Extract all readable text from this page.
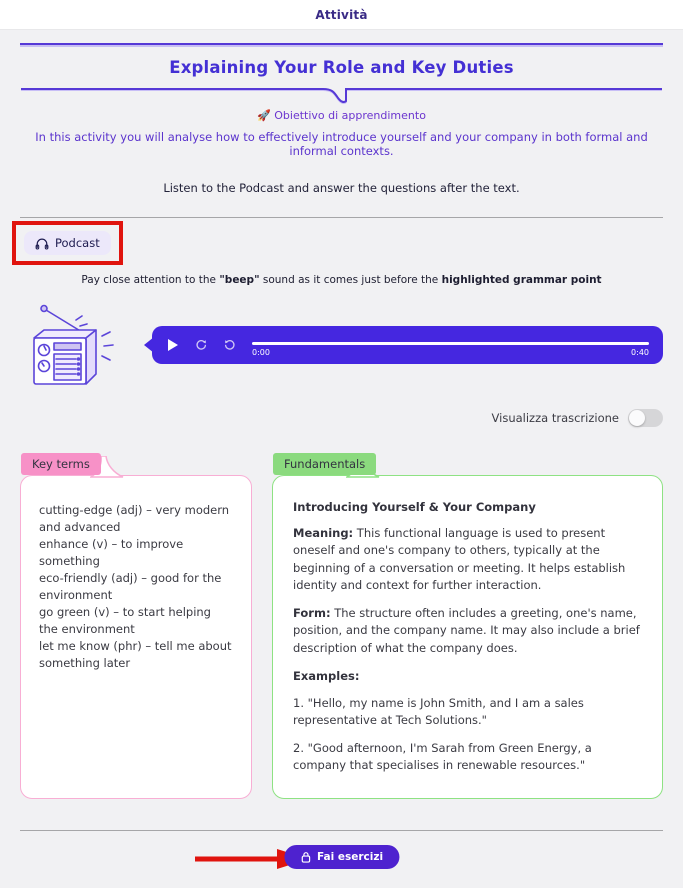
Attività
Explaining Your Role and Key Duties
🚀 Obiettivo di apprendimento
In this activity you will analyse how to effectively introduce yourself and your company in both formal and informal contexts.
Listen to the Podcast and answer the questions after the text.
Podcast
Pay close attention to the "beep" sound as it comes just before the highlighted grammar point
0:00	0:40
Visualizza trascrizione
Key terms
cutting-edge (adj) – very modern and advanced
enhance (v) – to improve something
eco-friendly (adj) – good for the environment
go green (v) – to start helping the environment
let me know (phr) – tell me about something later
Fundamentals
Introducing Yourself & Your Company
Meaning: This functional language is used to present oneself and one's company to others, typically at the beginning of a conversation or meeting. It helps establish identity and context for further interaction.
Form: The structure often includes a greeting, one's name, position, and the company name. It may also include a brief description of what the company does.
Examples:
1. "Hello, my name is John Smith, and I am a sales representative at Tech Solutions."
2. "Good afternoon, I'm Sarah from Green Energy, a company that specialises in renewable resources."
Fai esercizi
